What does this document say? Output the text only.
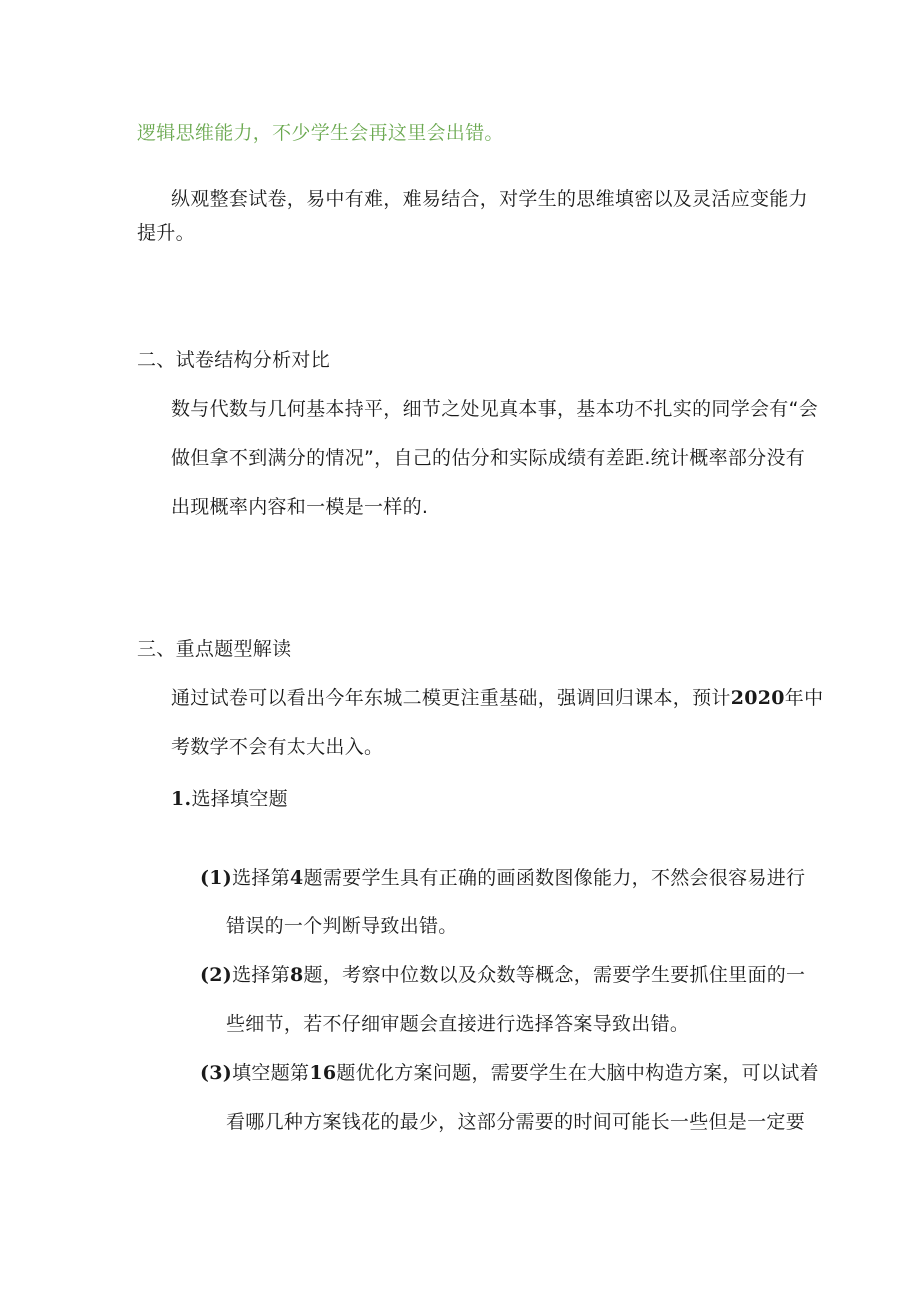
逻辑思维能力，不少学生会再这里会出错。
纵观整套试卷，易中有难，难易结合，对学生的思维填密以及灵活应变能力
提升。
二、试卷结构分析对比
数与代数与几何基本持平，细节之处见真本事，基本功不扎实的同学会有“会
做但拿不到满分的情况”，自己的估分和实际成绩有差距.统计概率部分没有
出现概率内容和一模是一样的.
三、重点题型解读
通过试卷可以看出今年东城二模更注重基础，强调回归课本，预计2020年中
考数学不会有太大出入。
1.选择填空题
(1)选择第4题需要学生具有正确的画函数图像能力，不然会很容易进行
错误的一个判断导致出错。
(2)选择第8题，考察中位数以及众数等概念，需要学生要抓住里面的一
些细节，若不仔细审题会直接进行选择答案导致出错。
(3)填空题第16题优化方案问题，需要学生在大脑中构造方案，可以试着
看哪几种方案钱花的最少，这部分需要的时间可能长一些但是一定要
